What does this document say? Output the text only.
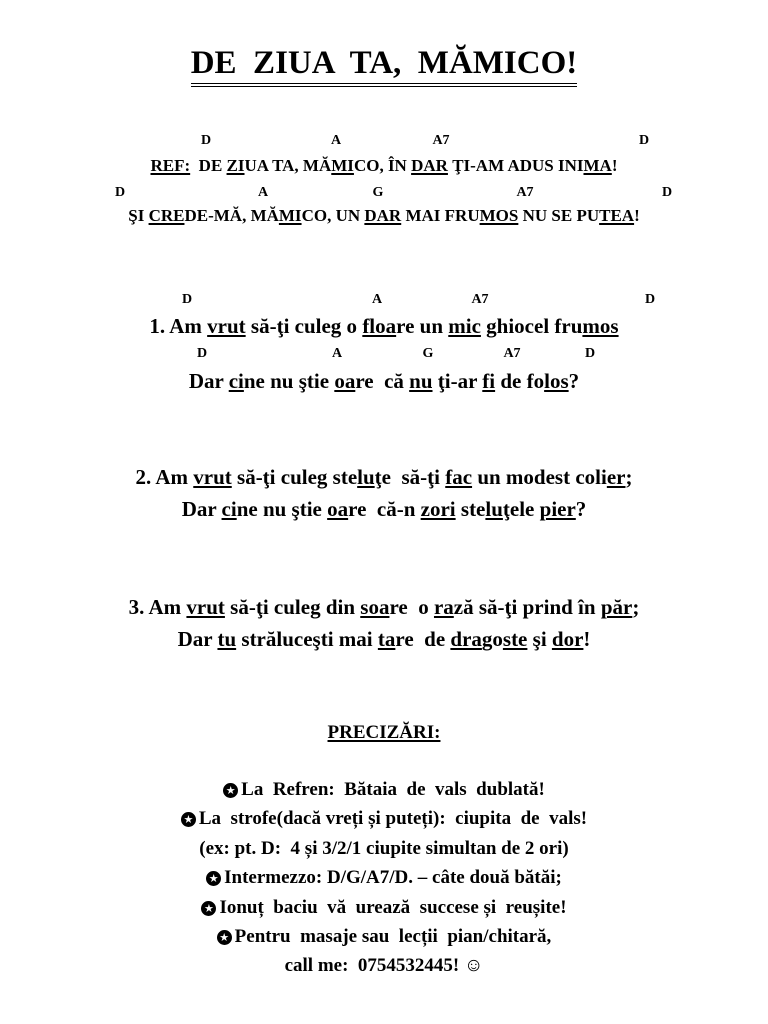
DE  ZIUA  TA,  MĂMICO!
D	A	A7	D
REF:  DE ZIUA TA, MĂMICO, ÎN DAR ŢI-AM ADUS INIMA!
D	A	G	A7	D
ŞI CREDE-MĂ, MĂMICO, UN DAR MAI FRUMOS NU SE PUTEA!
D	A	A7	D
1. Am vrut să-ţi culeg o floare un mic ghiocel frumos
D	A	G	A7	D
Dar cine nu ştie oare  că nu ţi-ar fi de folos?
2. Am vrut să-ţi culeg steluţe  să-ţi fac un modest colier;
Dar cine nu ştie oare  că-n zori steluţele pier?
3. Am vrut să-ţi culeg din soare  o rază să-ţi prind în păr;
Dar tu străluceşti mai tare  de dragoste şi dor!
PRECIZĂRI:
★ La  Refren:  Bătaia  de  vals  dublată!
★ La  strofe(dacă vreți și puteți):  ciupita  de  vals!
(ex: pt. D:  4 și 3/2/1 ciupite simultan de 2 ori)
★ Intermezzo: D/G/A7/D. – câte două bătăi;
★ Ionuț  baciu  vă  urează  succese și  reușite!
★ Pentru  masaje sau  lecții  pian/chitară,
call me:  0754532445! ☺
